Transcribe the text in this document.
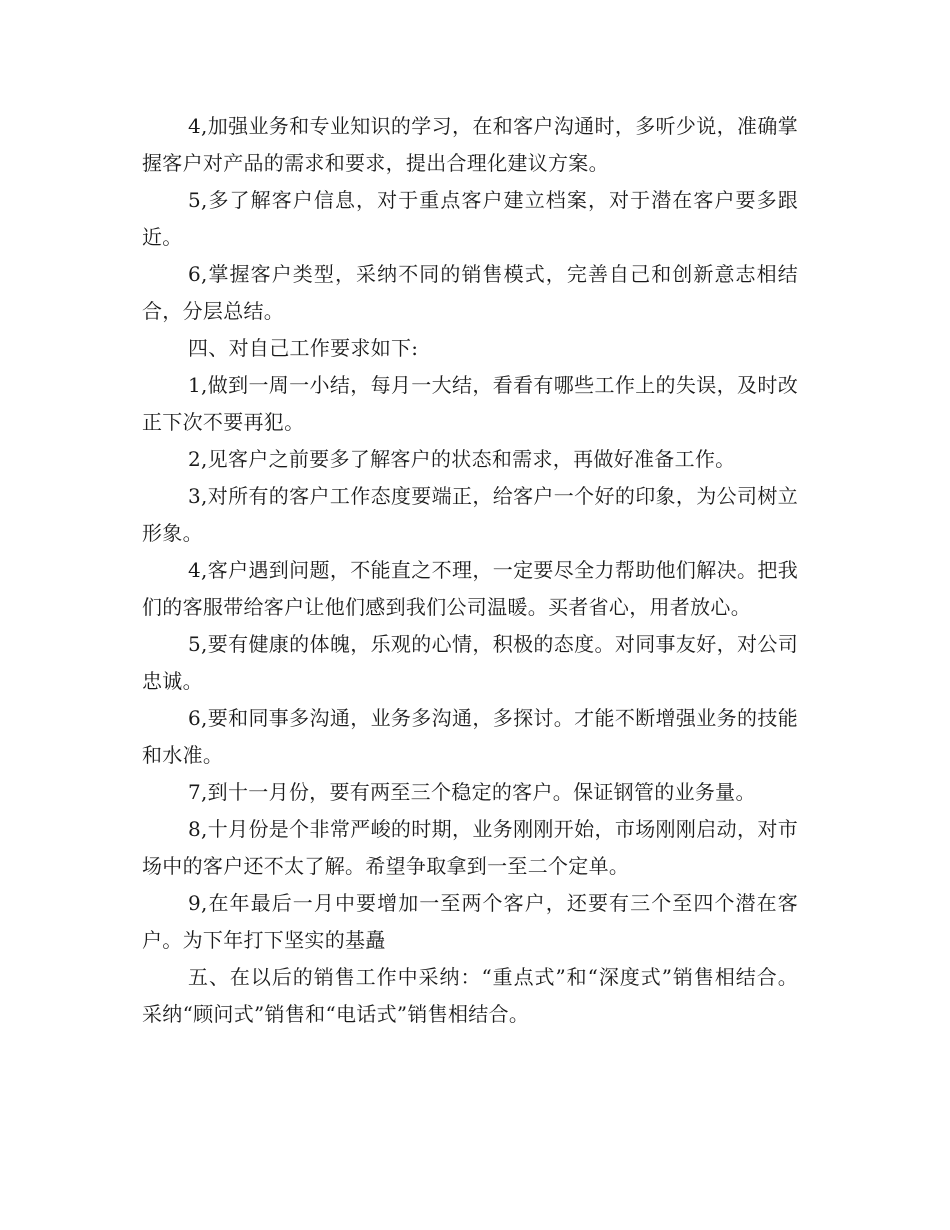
4,加强业务和专业知识的学习，在和客户沟通时，多听少说，准确掌握客户对产品的需求和要求，提出合理化建议方案。

5,多了解客户信息，对于重点客户建立档案，对于潜在客户要多跟近。

6,掌握客户类型，采纳不同的销售模式，完善自己和创新意志相结合，分层总结。

四、对自己工作要求如下:

1,做到一周一小结，每月一大结，看看有哪些工作上的失误，及时改正下次不要再犯。

2,见客户之前要多了解客户的状态和需求，再做好准备工作。

3,对所有的客户工作态度要端正，给客户一个好的印象，为公司树立形象。

4,客户遇到问题，不能直之不理，一定要尽全力帮助他们解决。把我们的客服带给客户让他们感到我们公司温暖。买者省心，用者放心。

5,要有健康的体魄，乐观的心情，积极的态度。对同事友好，对公司忠诚。

6,要和同事多沟通，业务多沟通，多探讨。才能不断增强业务的技能和水准。

7,到十一月份，要有两至三个稳定的客户。保证钢管的业务量。

8,十月份是个非常严峻的时期，业务刚刚开始，市场刚刚启动，对市场中的客户还不太了解。希望争取拿到一至二个定单。

9,在年最后一月中要增加一至两个客户，还要有三个至四个潜在客户。为下年打下坚实的基矗

五、在以后的销售工作中采纳：“重点式”和“深度式”销售相结合。采纳“顾问式”销售和“电话式”销售相结合。
